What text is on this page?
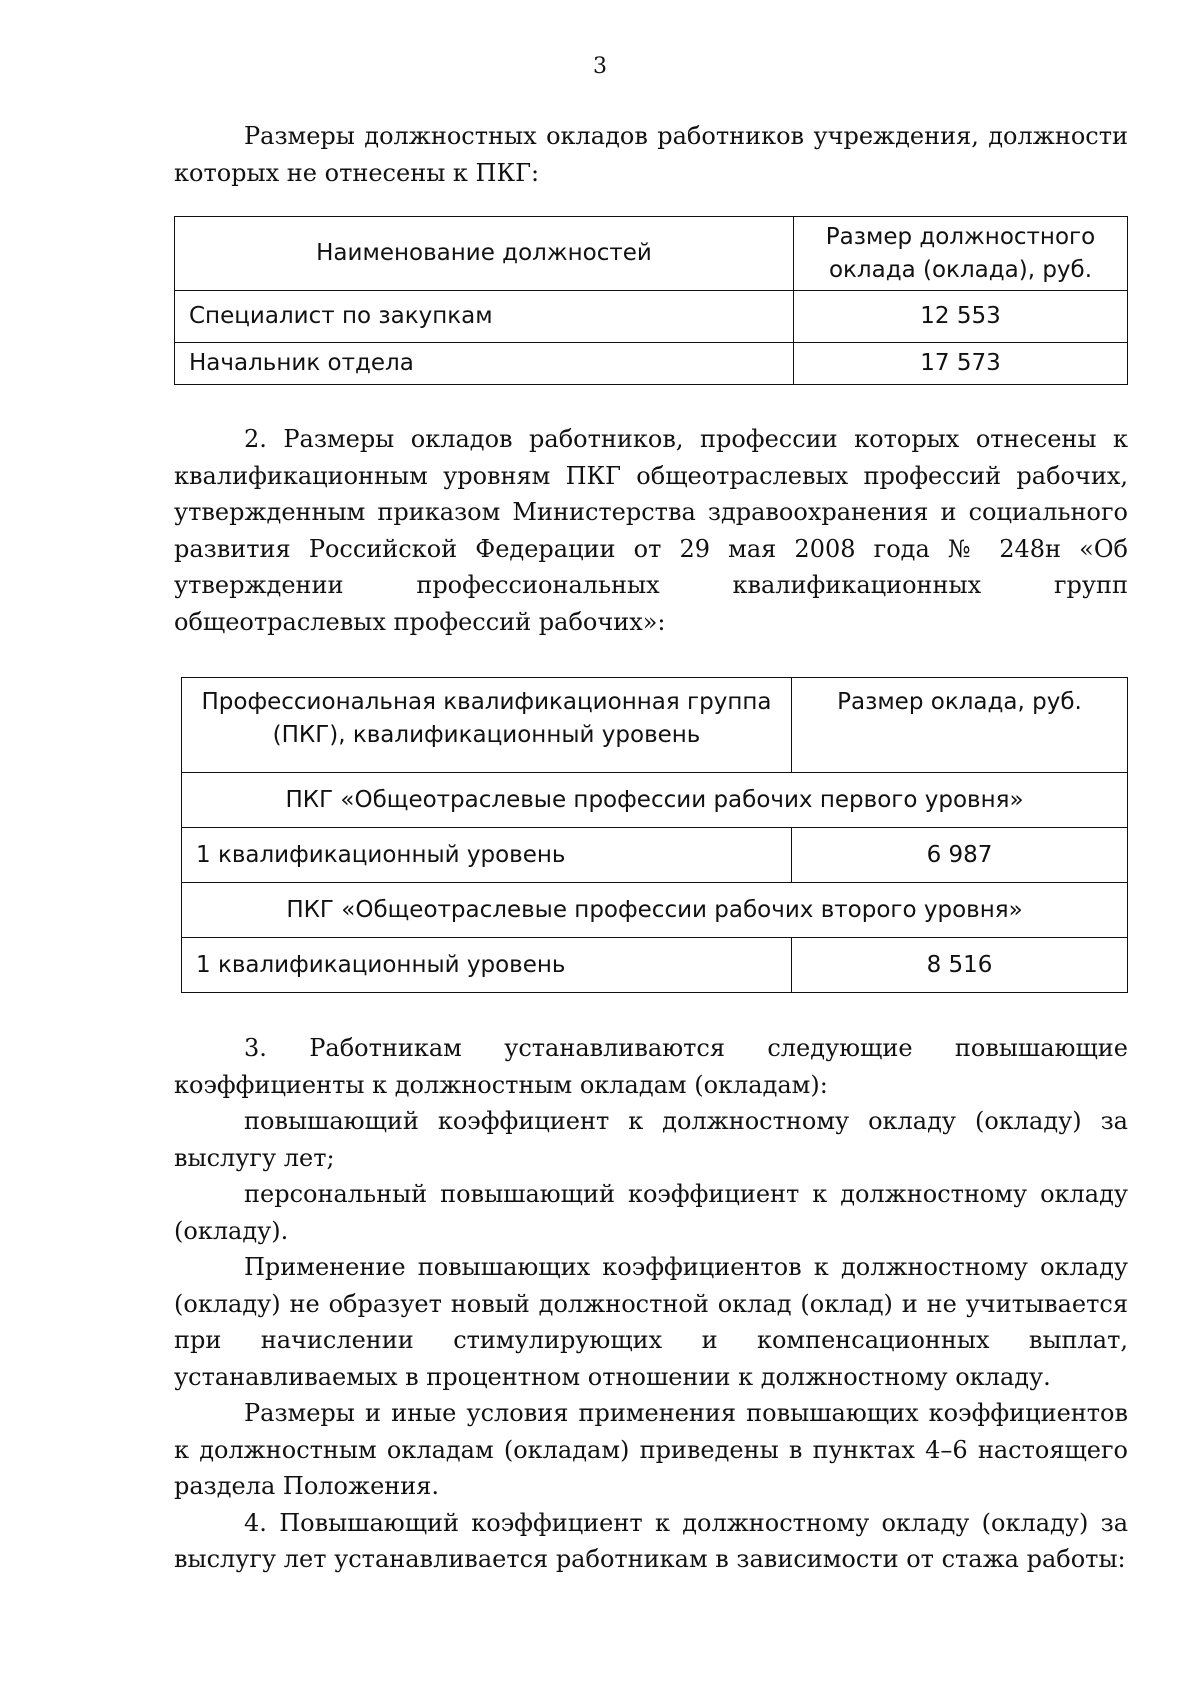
3

Размеры должностных окладов работников учреждения, должности которых не отнесены к ПКГ:

Наименование должностей	Размер должностного оклада (оклада), руб.
Специалист по закупкам	12 553
Начальник отдела	17 573

2. Размеры окладов работников, профессии которых отнесены к квалификационным уровням ПКГ общеотраслевых профессий рабочих, утвержденным приказом Министерства здравоохранения и социального развития Российской Федерации от 29 мая 2008 года № 248н «Об утверждении профессиональных квалификационных групп общеотраслевых профессий рабочих»:

Профессиональная квалификационная группа (ПКГ), квалификационный уровень	Размер оклада, руб.
ПКГ «Общеотраслевые профессии рабочих первого уровня»	
1 квалификационный уровень	6 987
ПКГ «Общеотраслевые профессии рабочих второго уровня»	
1 квалификационный уровень	8 516

3. Работникам устанавливаются следующие повышающие

коэффициенты к должностным окладам (окладам):

повышающий коэффициент к должностному окладу (окладу) за выслугу лет;

персональный повышающий коэффициент к должностному окладу (окладу).

Применение повышающих коэффициентов к должностному окладу (окладу) не образует новый должностной оклад (оклад) и не учитывается при начислении стимулирующих и компенсационных выплат, устанавливаемых в процентном отношении к должностному окладу.

Размеры и иные условия применения повышающих коэффициентов к должностным окладам (окладам) приведены в пунктах 4–6 настоящего раздела Положения.

4. Повышающий коэффициент к должностному окладу (окладу) за выслугу лет устанавливается работникам в зависимости от стажа работы:
